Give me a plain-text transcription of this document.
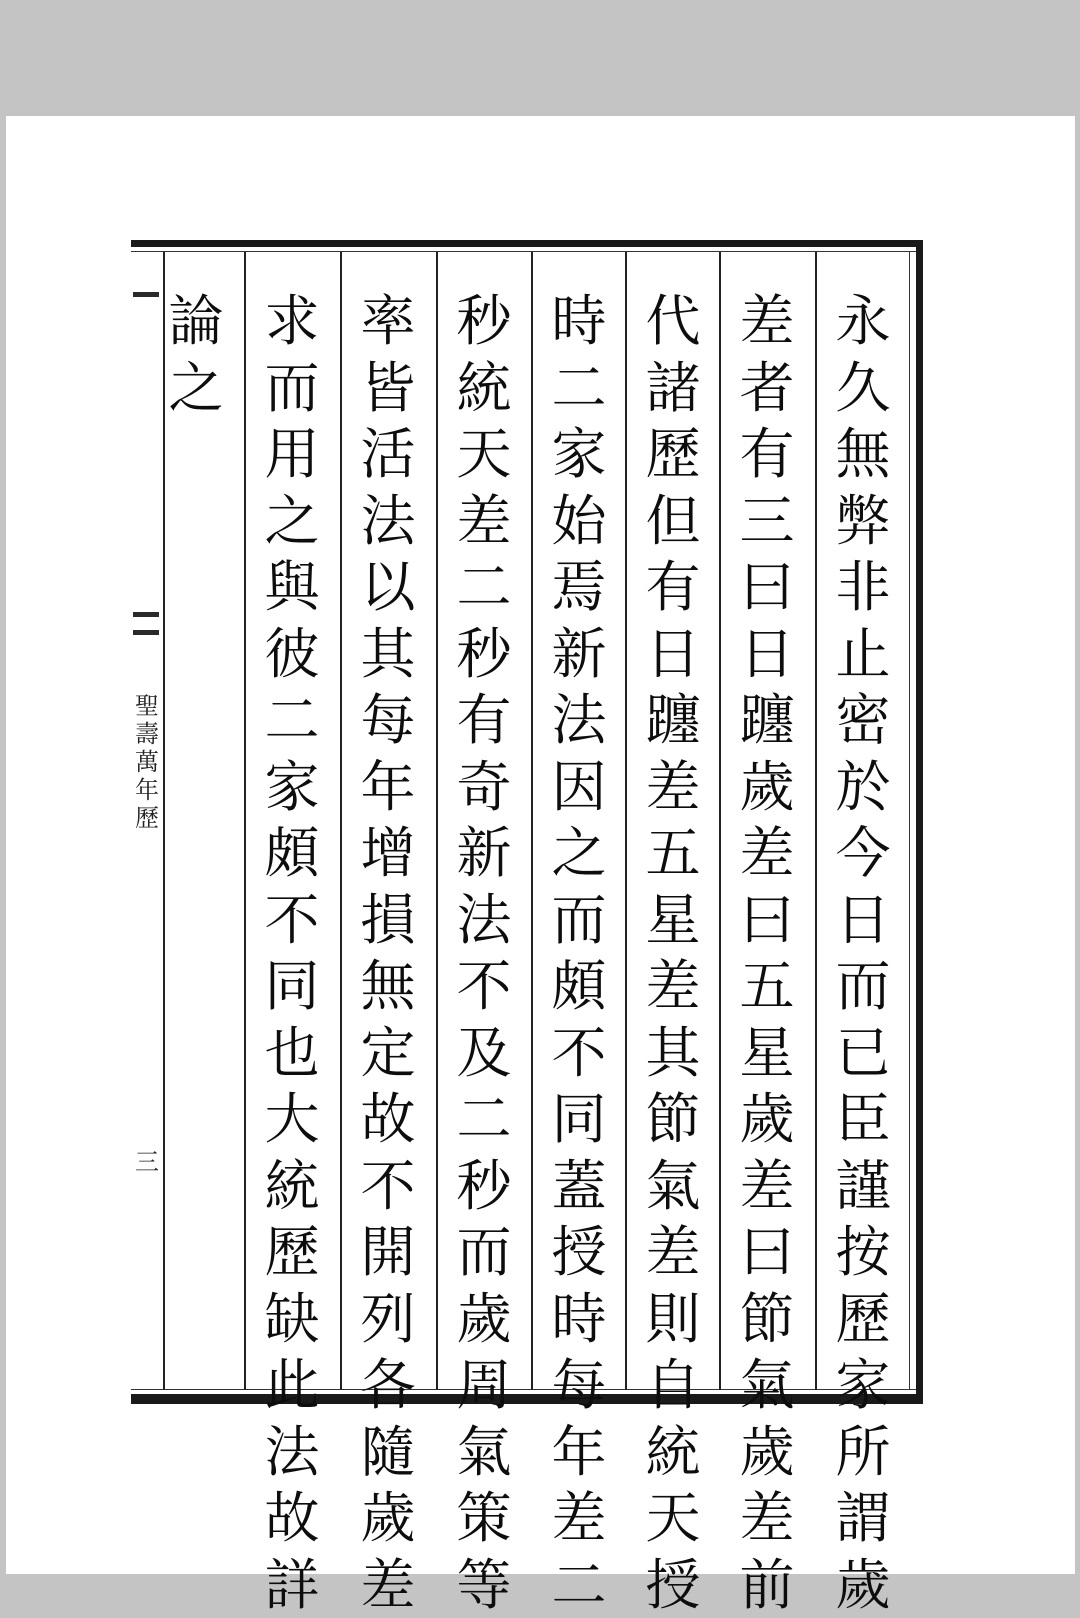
聖壽萬年歷
三
永
久
無
弊
非
止
密
於
今
日
而
已
臣
謹
按
歷
家
所
謂
歲
差
者
有
三
曰
日
躔
歲
差
曰
五
星
歲
差
曰
節
氣
歲
差
前
代
諸
歷
但
有
日
躔
差
五
星
差
其
節
氣
差
則
自
統
天
授
時
二
家
始
焉
新
法
因
之
而
頗
不
同
蓋
授
時
每
年
差
二
秒
統
天
差
二
秒
有
奇
新
法
不
及
二
秒
而
歲
周
氣
策
等
率
皆
活
法
以
其
每
年
增
損
無
定
故
不
開
列
各
隨
歲
差
求
而
用
之
與
彼
二
家
頗
不
同
也
大
統
歷
缺
此
法
故
詳
論
之
